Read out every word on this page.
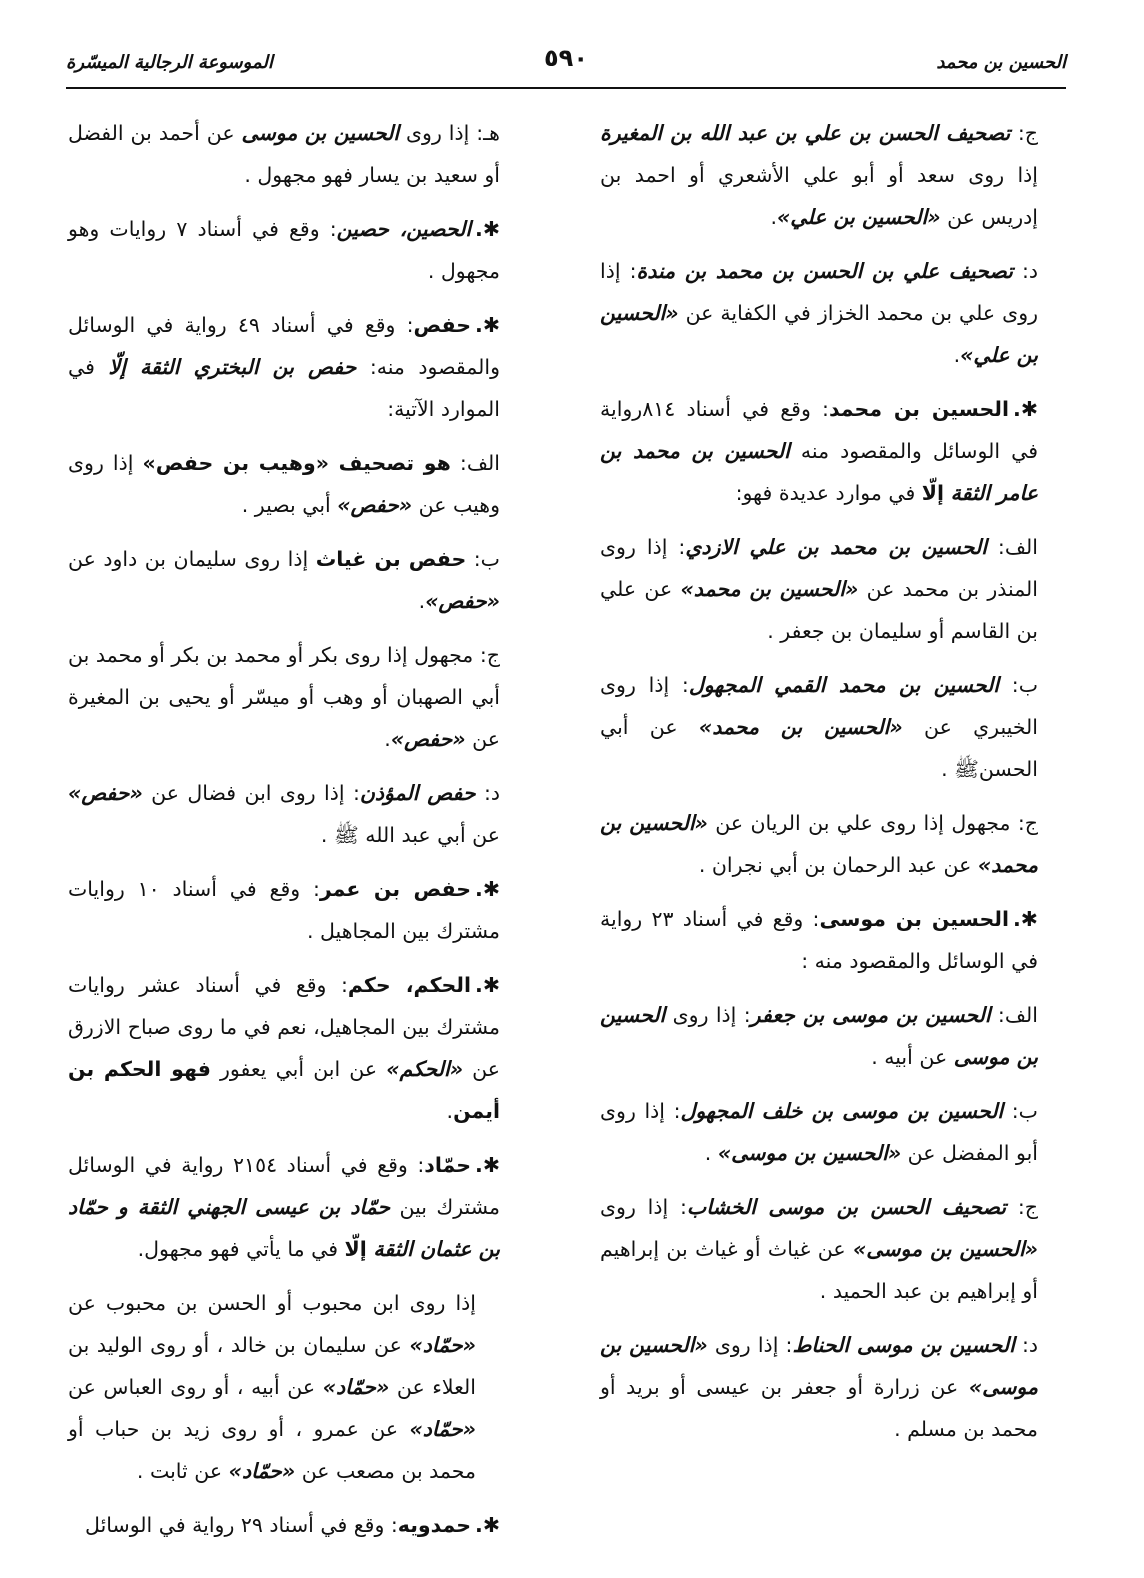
الحسين بن محمد
٥٩٠
الموسوعة الرجالية الميسّرة

ج: تصحيف الحسن بن علي بن عبد الله بن المغيرة إذا روى سعد أو أبو علي الأشعري أو احمد بن إدريس عن «الحسين بن علي».

د: تصحيف علي بن الحسن بن محمد بن مندة: إذا روى علي بن محمد الخزاز في الكفاية عن «الحسين بن علي».

✱.الحسين بن محمد: وقع في أسناد ٨١٤رواية في الوسائل والمقصود منه الحسين بن محمد بن عامر الثقة إلّا في موارد عديدة فهو:

الف: الحسين بن محمد بن علي الازدي: إذا روى المنذر بن محمد عن «الحسين بن محمد» عن علي بن القاسم أو سليمان بن جعفر .

ب: الحسين بن محمد القمي المجهول: إذا روى الخيبري عن «الحسين بن محمد» عن أبي الحسن‌‌ﷺ .

ج: مجهول إذا روى علي بن الريان عن «الحسين بن محمد» عن عبد الرحمان بن أبي نجران .

✱.الحسين بن موسى: وقع في أسناد ٢٣ رواية في الوسائل والمقصود منه :

الف: الحسين بن موسى بن جعفر: إذا روى الحسين بن موسى عن أبيه .

ب: الحسين بن موسى بن خلف المجهول: إذا روى أبو المفضل عن «الحسين بن موسى» .

ج: تصحيف الحسن بن موسى الخشاب: إذا روى «الحسين بن موسى» عن غياث أو غياث بن إبراهيم أو إبراهيم بن عبد الحميد .

د: الحسين بن موسى الحناط: إذا روى «الحسين بن موسى» عن زرارة أو جعفر بن عيسى أو بريد أو محمد بن مسلم .

هـ: إذا روى الحسين بن موسى عن أحمد بن الفضل أو سعيد بن يسار فهو مجهول .

✱.الحصين، حصين: وقع في أسناد ٧ روايات وهو مجهول .

✱.حفص: وقع في أسناد ٤٩ رواية في الوسائل والمقصود منه: حفص بن البختري الثقة إلّا في الموارد الآتية:

الف: هو تصحيف «وهيب بن حفص» إذا روى وهيب عن «حفص» أبي بصير .

ب: حفص بن غياث إذا روى سليمان بن داود عن «حفص».

ج: مجهول إذا روى بكر أو محمد بن بكر أو محمد بن أبي الصهبان أو وهب أو ميسّر أو يحيى بن المغيرة عن «حفص».

د: حفص المؤذن: إذا روى ابن فضال عن «حفص» عن أبي عبد الله ﷺ .

✱.حفص بن عمر: وقع في أسناد ١٠ روايات مشترك بين المجاهيل .

✱.الحكم، حكم: وقع في أسناد عشر روايات مشترك بين المجاهيل، نعم في ما روى صباح الازرق عن «الحكم» عن ابن أبي يعفور فهو الحكم بن أيمن.

✱.حمّاد: وقع في أسناد ٢١٥٤ رواية في الوسائل مشترك بين حمّاد بن عيسى الجهني الثقة و حمّاد بن عثمان الثقة إلّا في ما يأتي فهو مجهول.

إذا روى ابن محبوب أو الحسن بن محبوب عن «حمّاد» عن سليمان بن خالد ، أو روى الوليد بن العلاء عن «حمّاد» عن أبيه ، أو روى العباس عن «حمّاد» عن عمرو ، أو روى زيد بن حباب أو محمد بن مصعب عن «حمّاد» عن ثابت .

✱.حمدويه: وقع في أسناد ٢٩ رواية في الوسائل
